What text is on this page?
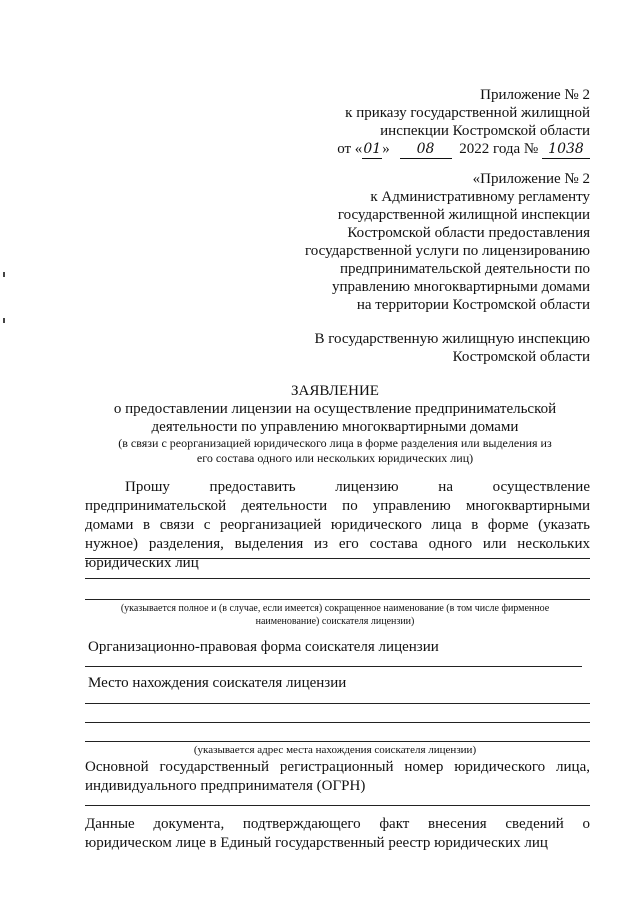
Приложение № 2
к приказу государственной жилищной
инспекции Костромской области
от «01» 08 2022 года № 1038
«Приложение № 2
к Административному регламенту
государственной жилищной инспекции
Костромской области предоставления
государственной услуги по лицензированию
предпринимательской деятельности по
управлению многоквартирными домами
на территории Костромской области
В государственную жилищную инспекцию
Костромской области
ЗАЯВЛЕНИЕ
о предоставлении лицензии на осуществление предпринимательской
деятельности по управлению многоквартирными домами
(в связи с реорганизацией юридического лица в форме разделения или выделения из
его состава одного или нескольких юридических лиц)
Прошу предоставить лицензию на осуществление
предпринимательской деятельности по управлению многоквартирными
домами в связи с реорганизацией юридического лица в форме (указать
нужное) разделения, выделения из его состава одного или нескольких
юридических лиц
(указывается полное и (в случае, если имеется) сокращенное наименование (в том числе фирменное
наименование) соискателя лицензии)
Организационно-правовая форма соискателя лицензии
Место нахождения соискателя лицензии
(указывается адрес места нахождения соискателя лицензии)
Основной государственный регистрационный номер юридического лица,
индивидуального предпринимателя (ОГРН)
Данные документа, подтверждающего факт внесения сведений о
юридическом лице в Единый государственный реестр юридических лиц
